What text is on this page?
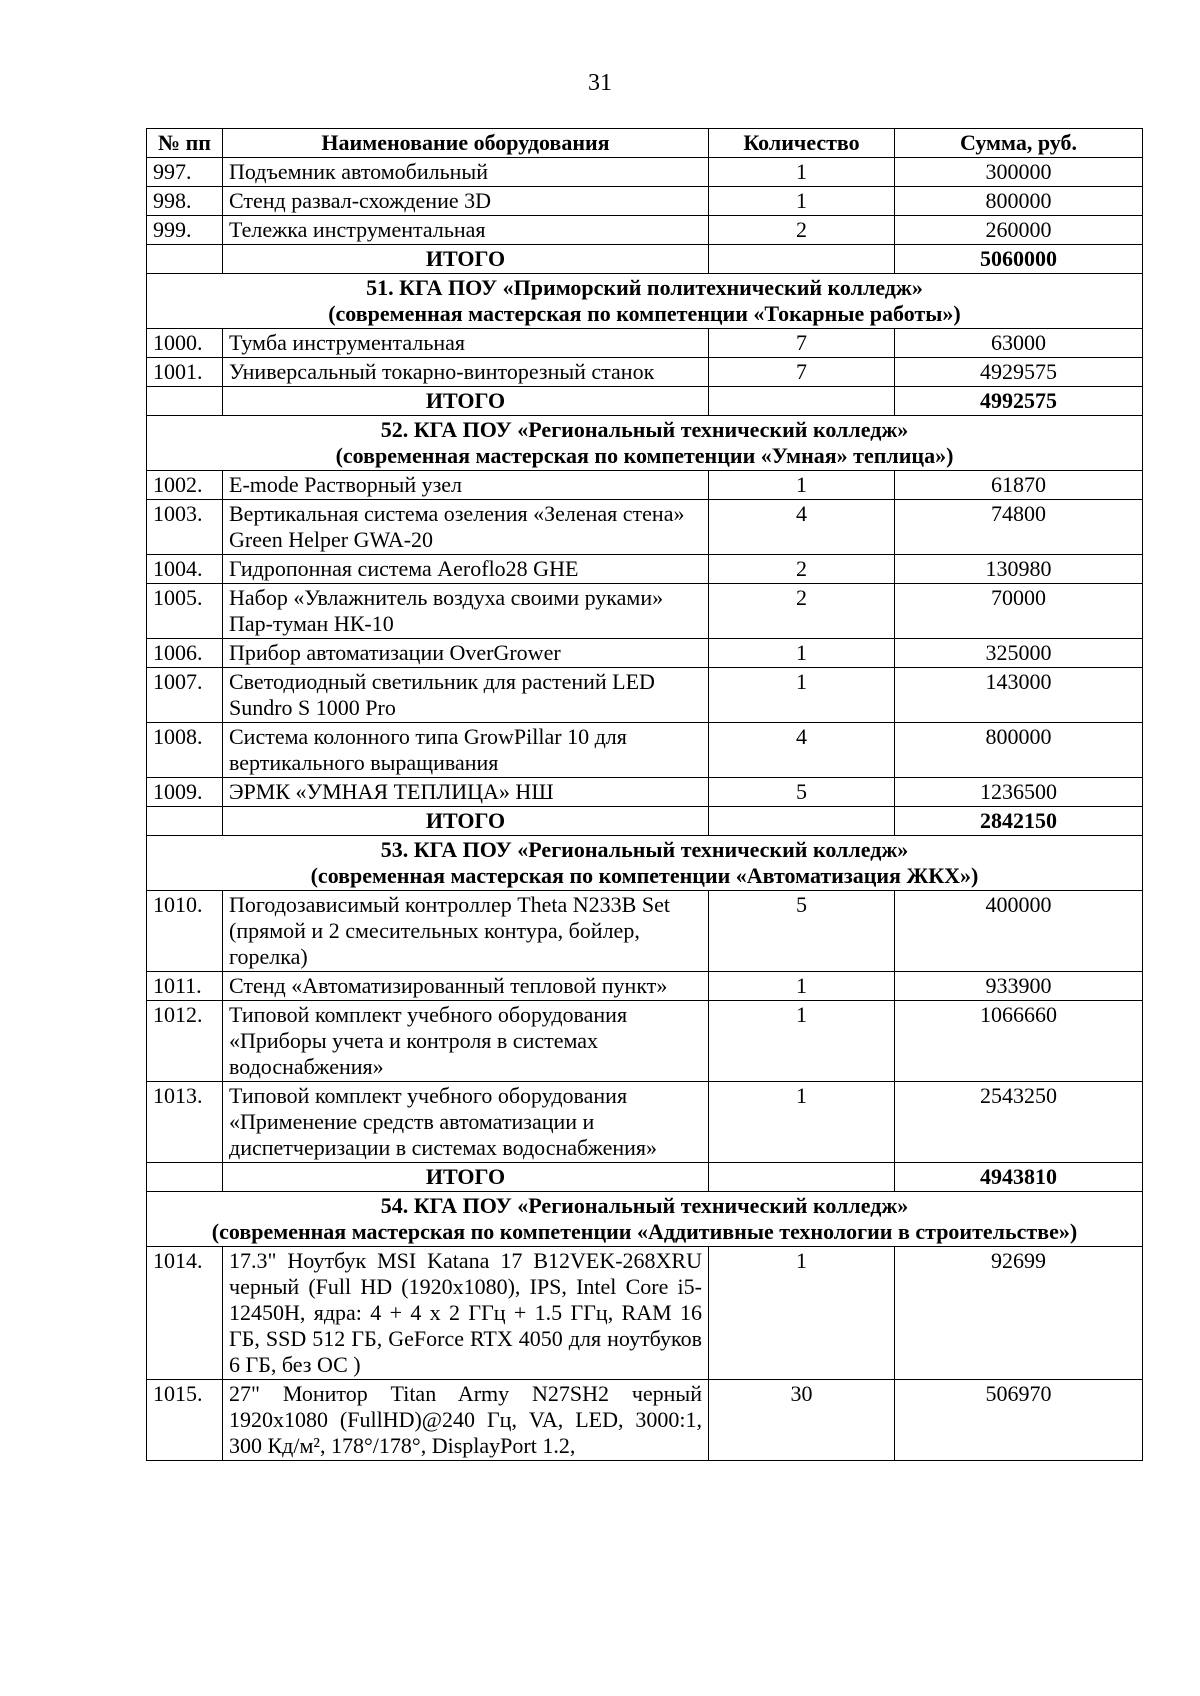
31
№ пп	Наименование оборудования	Количество	Сумма, руб.
997.	Подъемник автомобильный	1	300000
998.	Стенд развал-схождение 3D	1	800000
999.	Тележка инструментальная	2	260000
	ИТОГО		5060000

51. КГА ПОУ «Приморский политехнический колледж»
(современная мастерская по компетенции «Токарные работы»)			

1000.	Тумба инструментальная	7	63000
1001.	Универсальный токарно-винторезный станок	7	4929575
	ИТОГО		4992575

52. КГА ПОУ «Региональный технический колледж»
(современная мастерская по компетенции «Умная» теплица»)			

1002.	E-mode Растворный узел	1	61870
1003.	Вертикальная система озеления «Зеленая стена» Green Helper GWA-20	4	74800
1004.	Гидропонная система Aeroflo28 GHE	2	130980
1005.	Набор «Увлажнитель воздуха своими руками» Пар-туман НК-10	2	70000
1006.	Прибор автоматизации OverGrower	1	325000
1007.	Светодиодный светильник для растений LED Sundro S 1000 Pro	1	143000
1008.	Система колонного типа GrowPillar 10 для вертикального выращивания	4	800000
1009.	ЭРМК «УМНАЯ ТЕПЛИЦА» НШ	5	1236500
	ИТОГО		2842150

53. КГА ПОУ «Региональный технический колледж»
(современная мастерская по компетенции «Автоматизация ЖКХ»)			

1010.	Погодозависимый контроллер Theta N233B Set (прямой и 2 смесительных контура, бойлер, горелка)	5	400000
1011.	Стенд «Автоматизированный тепловой пункт»	1	933900
1012.	Типовой комплект учебного оборудования «Приборы учета и контроля в системах водоснабжения»	1	1066660
1013.	Типовой комплект учебного оборудования «Применение средств автоматизации и диспетчеризации в системах водоснабжения»	1	2543250
	ИТОГО		4943810

54. КГА ПОУ «Региональный технический колледж»
(современная мастерская по компетенции «Аддитивные технологии в строительстве»)			

1014.	17.3" Ноутбук MSI Katana 17 B12VEK-268XRU черный (Full HD (1920x1080), IPS, Intel Core i5-12450H, ядра: 4 + 4 х 2 ГГц + 1.5 ГГц, RAM 16 ГБ, SSD 512 ГБ, GeForce RTX 4050 для ноутбуков 6 ГБ, без ОС )	1	92699
1015.	27" Монитор Titan Army N27SH2 черный 1920x1080 (FullHD)@240 Гц, VA, LED, 3000:1, 300 Кд/м², 178°/178°, DisplayPort 1.2,	30	506970
